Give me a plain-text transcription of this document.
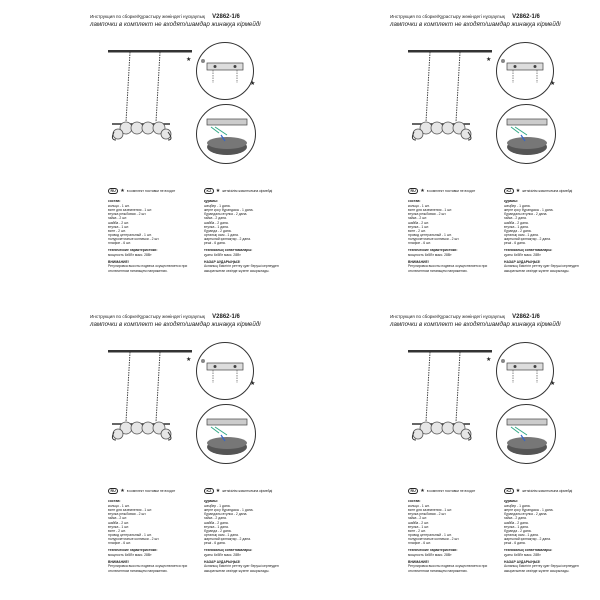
Инструкция по сборке/Құрастыру жөніндегі нұсқаулық V2862-1/6
лампочки в комплект не входят/шамдар жинаққа кірмейді
★
★
RU ★ в комплект поставки не входят
состав:
кольцо - 1 шт.
винт для заземления - 1 шт.
втулка резьбовая - 2 шт.
гайка - 2 шт.
шайба - 2 шт.
втулка - 1 шт.
винт - 2 шт.
провод центральный - 1 шт.
полурозеточные колпачки - 2 шт.
плафон - 6 шт.
технические характеристики:
мощность 6х5Вт макс. 28Вт
ВНИМАНИЕ!
Регулировка высоты подвеса осуществляется при отключенном питающем напряжении.
KZ ★ жеткізілім жиынтығына кірмейді
құрамы:
шеңбер - 1 дана.
жерге қосу бұрандасы - 1 дана.
бұрандалы втулка - 2 дана.
гайка - 2 дана.
шайба - 2 дана.
втулка - 1 дана.
бұранда - 2 дана.
орталық сым - 1 дана.
жартылай қалпақтар - 2 дана.
реші - 6 дана.
техникалық сипаттамалары:
қуаты 6х5Вт макс. 28Вт
НАЗАР АУДАРЫҢЫЗ!
Аспаның биіктігін реттеу қуат беруші кернеуден ажыратылған кезінде жүзеге асырылады.
Инструкция по сборке/Құрастыру жөніндегі нұсқаулық V2862-1/6
лампочки в комплект не входят/шамдар жинаққа кірмейді
★
★
RU ★ в комплект поставки не входят
состав:
кольцо - 1 шт.
винт для заземления - 1 шт.
втулка резьбовая - 2 шт.
гайка - 2 шт.
шайба - 2 шт.
втулка - 1 шт.
винт - 2 шт.
провод центральный - 1 шт.
полурозеточные колпачки - 2 шт.
плафон - 6 шт.
технические характеристики:
мощность 6х5Вт макс. 28Вт
ВНИМАНИЕ!
Регулировка высоты подвеса осуществляется при отключенном питающем напряжении.
KZ ★ жеткізілім жиынтығына кірмейді
құрамы:
шеңбер - 1 дана.
жерге қосу бұрандасы - 1 дана.
бұрандалы втулка - 2 дана.
гайка - 2 дана.
шайба - 2 дана.
втулка - 1 дана.
бұранда - 2 дана.
орталық сым - 1 дана.
жартылай қалпақтар - 2 дана.
реші - 6 дана.
техникалық сипаттамалары:
қуаты 6х5Вт макс. 28Вт
НАЗАР АУДАРЫҢЫЗ!
Аспаның биіктігін реттеу қуат беруші кернеуден ажыратылған кезінде жүзеге асырылады.
Инструкция по сборке/Құрастыру жөніндегі нұсқаулық V2862-1/6
лампочки в комплект не входят/шамдар жинаққа кірмейді
★
★
RU ★ в комплект поставки не входят
состав:
кольцо - 1 шт.
винт для заземления - 1 шт.
втулка резьбовая - 2 шт.
гайка - 2 шт.
шайба - 2 шт.
втулка - 1 шт.
винт - 2 шт.
провод центральный - 1 шт.
полурозеточные колпачки - 2 шт.
плафон - 6 шт.
технические характеристики:
мощность 6х5Вт макс. 28Вт
ВНИМАНИЕ!
Регулировка высоты подвеса осуществляется при отключенном питающем напряжении.
KZ ★ жеткізілім жиынтығына кірмейді
құрамы:
шеңбер - 1 дана.
жерге қосу бұрандасы - 1 дана.
бұрандалы втулка - 2 дана.
гайка - 2 дана.
шайба - 2 дана.
втулка - 1 дана.
бұранда - 2 дана.
орталық сым - 1 дана.
жартылай қалпақтар - 2 дана.
реші - 6 дана.
техникалық сипаттамалары:
қуаты 6х5Вт макс. 28Вт
НАЗАР АУДАРЫҢЫЗ!
Аспаның биіктігін реттеу қуат беруші кернеуден ажыратылған кезінде жүзеге асырылады.
Инструкция по сборке/Құрастыру жөніндегі нұсқаулық V2862-1/6
лампочки в комплект не входят/шамдар жинаққа кірмейді
★
★
RU ★ в комплект поставки не входят
состав:
кольцо - 1 шт.
винт для заземления - 1 шт.
втулка резьбовая - 2 шт.
гайка - 2 шт.
шайба - 2 шт.
втулка - 1 шт.
винт - 2 шт.
провод центральный - 1 шт.
полурозеточные колпачки - 2 шт.
плафон - 6 шт.
технические характеристики:
мощность 6х5Вт макс. 28Вт
ВНИМАНИЕ!
Регулировка высоты подвеса осуществляется при отключенном питающем напряжении.
KZ ★ жеткізілім жиынтығына кірмейді
құрамы:
шеңбер - 1 дана.
жерге қосу бұрандасы - 1 дана.
бұрандалы втулка - 2 дана.
гайка - 2 дана.
шайба - 2 дана.
втулка - 1 дана.
бұранда - 2 дана.
орталық сым - 1 дана.
жартылай қалпақтар - 2 дана.
реші - 6 дана.
техникалық сипаттамалары:
қуаты 6х5Вт макс. 28Вт
НАЗАР АУДАРЫҢЫЗ!
Аспаның биіктігін реттеу қуат беруші кернеуден ажыратылған кезінде жүзеге асырылады.
